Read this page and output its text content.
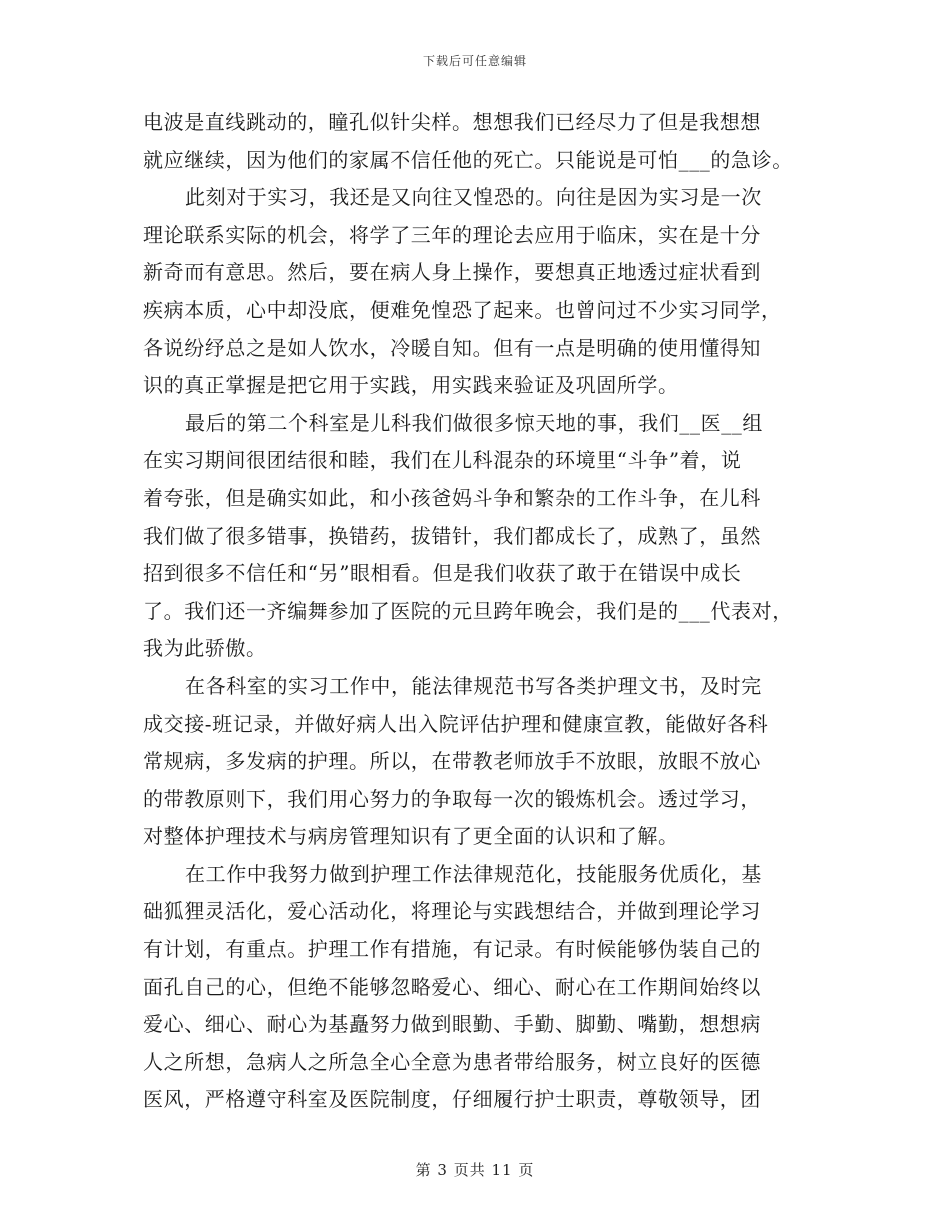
下载后可任意编辑
电波是直线跳动的，瞳孔似针尖样。想想我们已经尽力了但是我想想
就应继续，因为他们的家属不信任他的死亡。只能说是可怕___的急诊。
此刻对于实习，我还是又向往又惶恐的。向往是因为实习是一次
理论联系实际的机会，将学了三年的理论去应用于临床，实在是十分
新奇而有意思。然后，要在病人身上操作，要想真正地透过症状看到
疾病本质，心中却没底，便难免惶恐了起来。也曾问过不少实习同学，
各说纷纾总之是如人饮水，冷暖自知。但有一点是明确的使用懂得知
识的真正掌握是把它用于实践，用实践来验证及巩固所学。
最后的第二个科室是儿科我们做很多惊天地的事，我们__医__组
在实习期间很团结很和睦，我们在儿科混杂的环境里“斗争”着，说
着夸张，但是确实如此，和小孩爸妈斗争和繁杂的工作斗争，在儿科
我们做了很多错事，换错药，拔错针，我们都成长了，成熟了，虽然
招到很多不信任和“另”眼相看。但是我们收获了敢于在错误中成长
了。我们还一齐编舞参加了医院的元旦跨年晚会，我们是的___代表对，
我为此骄傲。
在各科室的实习工作中，能法律规范书写各类护理文书，及时完
成交接-班记录，并做好病人出入院评估护理和健康宣教，能做好各科
常规病，多发病的护理。所以，在带教老师放手不放眼，放眼不放心
的带教原则下，我们用心努力的争取每一次的锻炼机会。透过学习，
对整体护理技术与病房管理知识有了更全面的认识和了解。
在工作中我努力做到护理工作法律规范化，技能服务优质化，基
础狐狸灵活化，爱心活动化，将理论与实践想结合，并做到理论学习
有计划，有重点。护理工作有措施，有记录。有时候能够伪装自己的
面孔自己的心，但绝不能够忽略爱心、细心、耐心在工作期间始终以
爱心、细心、耐心为基矗努力做到眼勤、手勤、脚勤、嘴勤，想想病
人之所想，急病人之所急全心全意为患者带给服务，树立良好的医德
医风，严格遵守科室及医院制度，仔细履行护士职责，尊敬领导，团
第 3 页共 11 页
